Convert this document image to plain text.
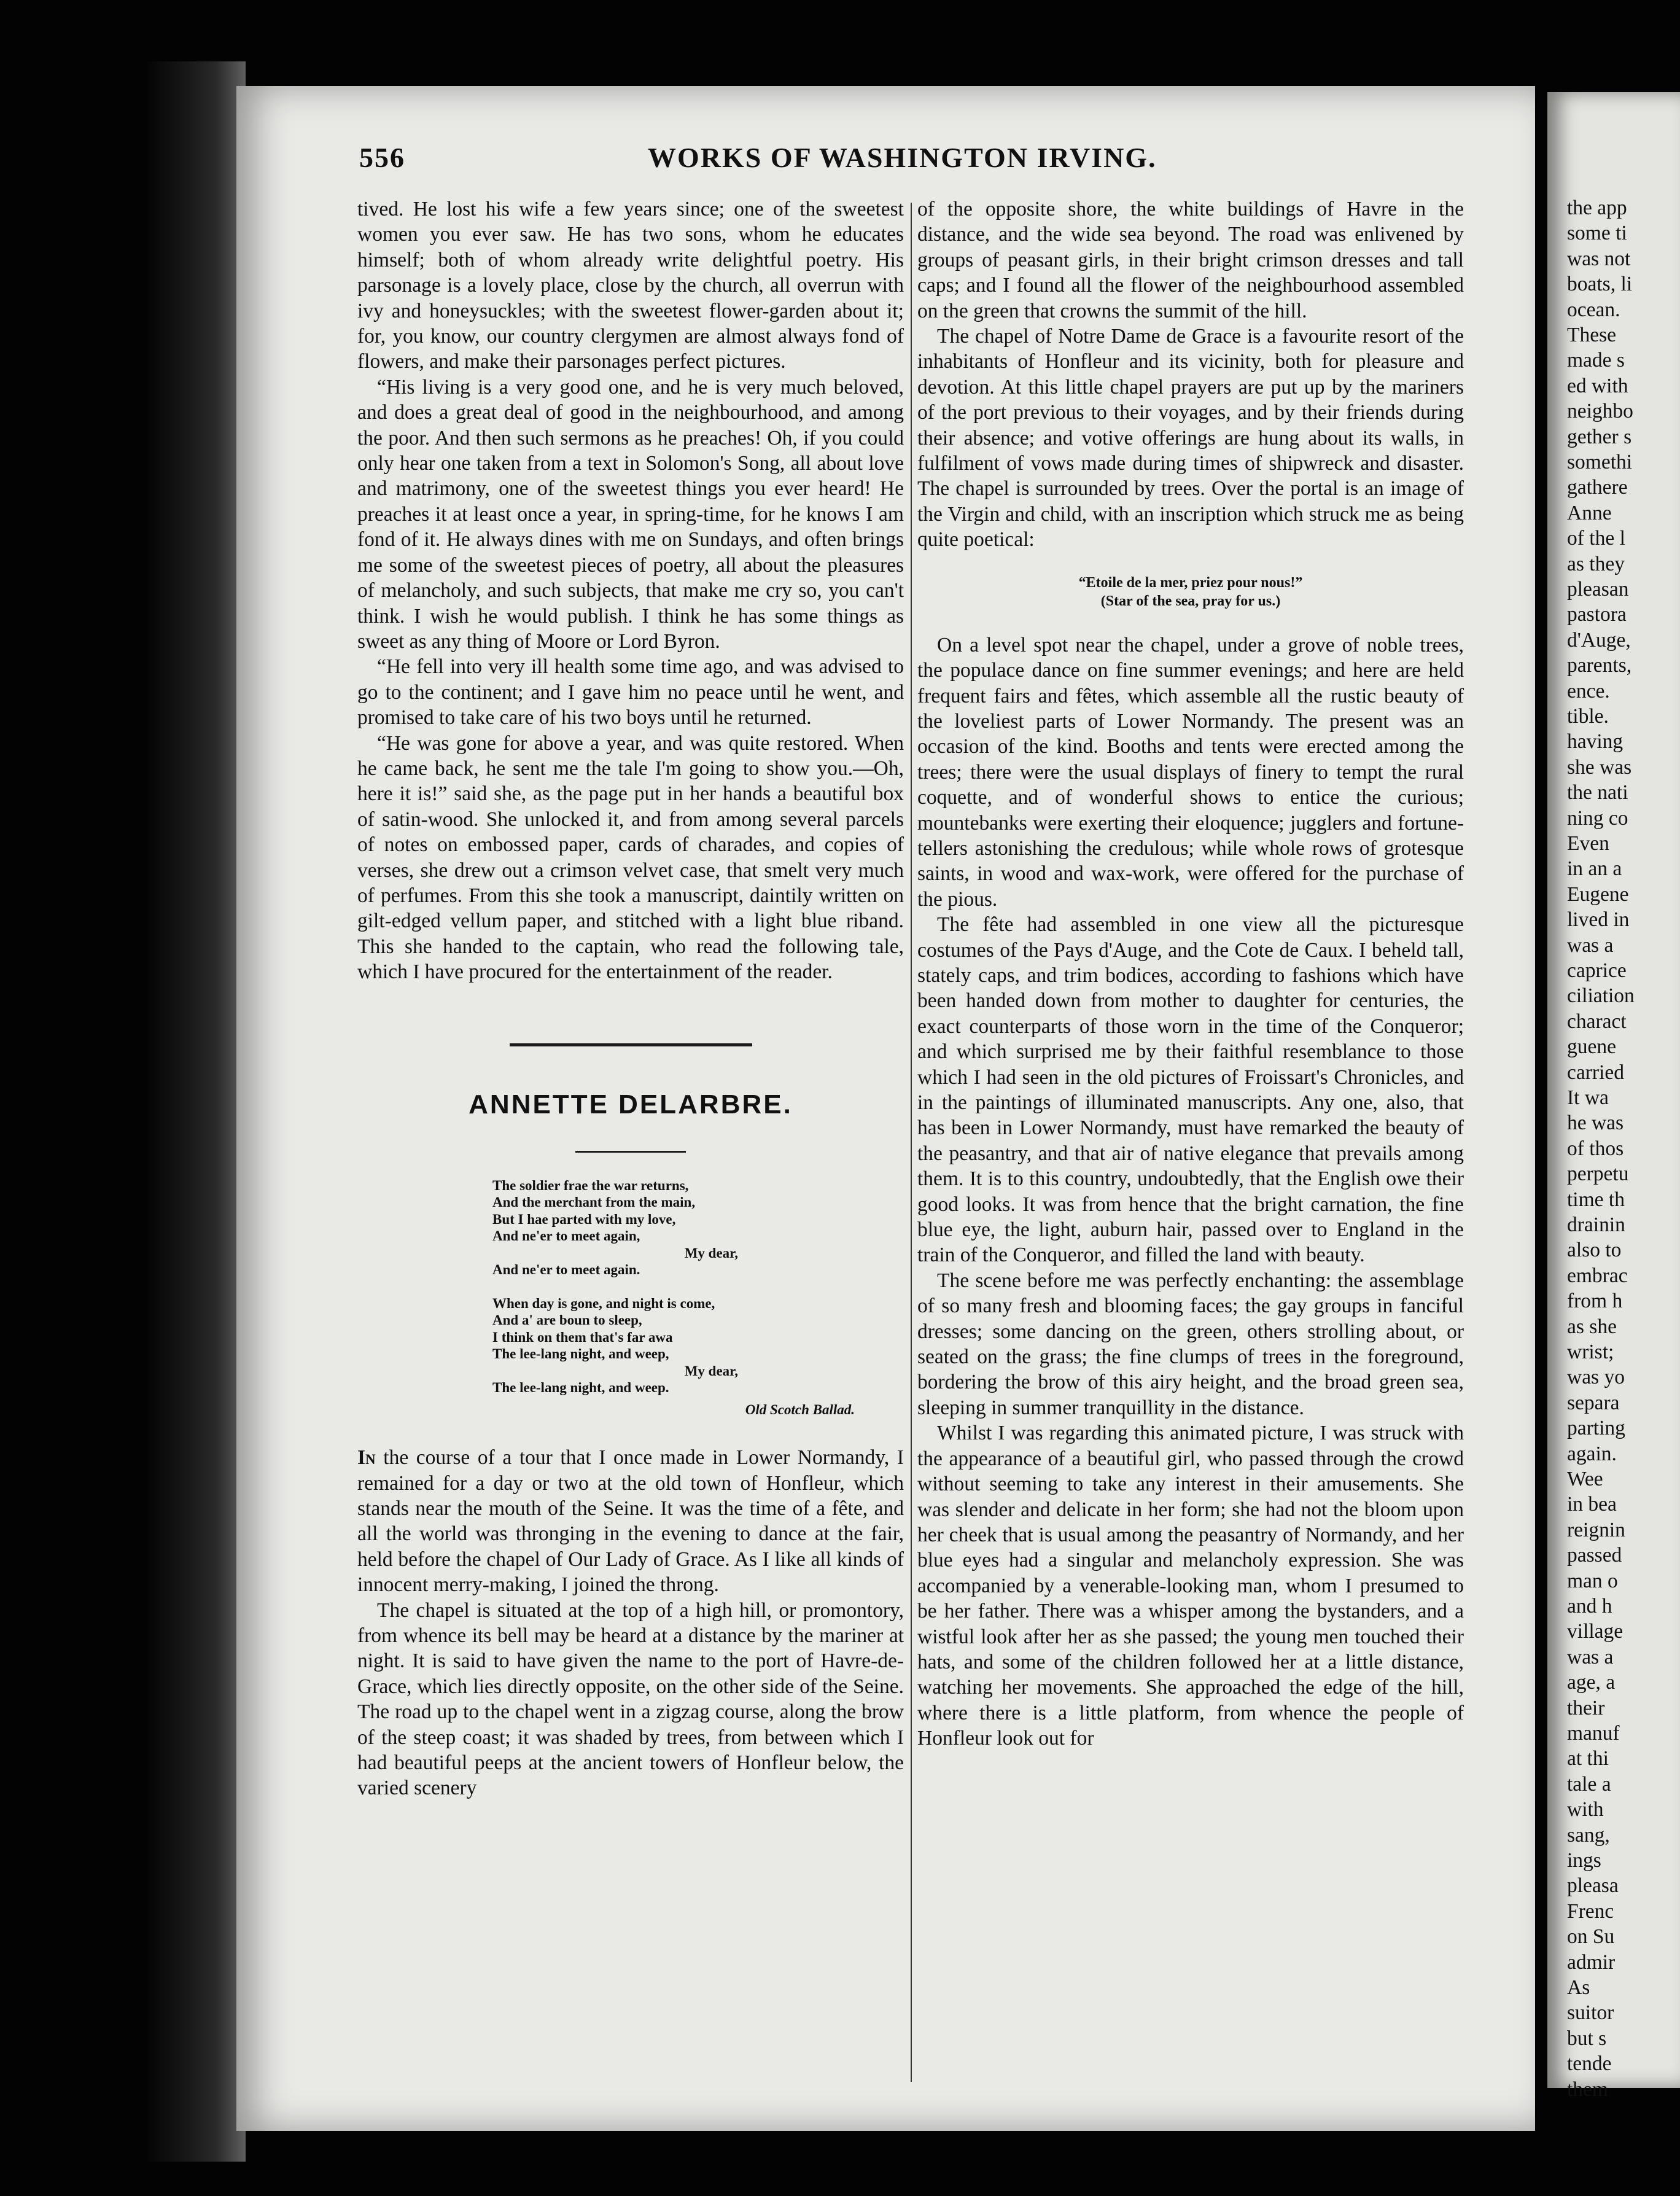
556	WORKS OF WASHINGTON IRVING.

tived. He lost his wife a few years since; one of the sweetest women you ever saw. He has two sons, whom he educates himself; both of whom already write delightful poetry. His parsonage is a lovely place, close by the church, all overrun with ivy and honeysuckles; with the sweetest flower-garden about it; for, you know, our country clergymen are almost always fond of flowers, and make their parsonages perfect pictures.

“His living is a very good one, and he is very much beloved, and does a great deal of good in the neighbourhood, and among the poor. And then such sermons as he preaches! Oh, if you could only hear one taken from a text in Solomon's Song, all about love and matrimony, one of the sweetest things you ever heard! He preaches it at least once a year, in spring-time, for he knows I am fond of it. He always dines with me on Sundays, and often brings me some of the sweetest pieces of poetry, all about the pleasures of melancholy, and such subjects, that make me cry so, you can't think. I wish he would publish. I think he has some things as sweet as any thing of Moore or Lord Byron.

“He fell into very ill health some time ago, and was advised to go to the continent; and I gave him no peace until he went, and promised to take care of his two boys until he returned.

“He was gone for above a year, and was quite restored. When he came back, he sent me the tale I'm going to show you.—Oh, here it is!” said she, as the page put in her hands a beautiful box of satin-wood. She unlocked it, and from among several parcels of notes on embossed paper, cards of charades, and copies of verses, she drew out a crimson velvet case, that smelt very much of perfumes. From this she took a manuscript, daintily written on gilt-edged vellum paper, and stitched with a light blue riband. This she handed to the captain, who read the following tale, which I have procured for the entertainment of the reader.

ANNETTE DELARBRE.
The soldier frae the war returns,
And the merchant from the main,
But I hae parted with my love,
And ne'er to meet again,
My dear,
And ne'er to meet again.
When day is gone, and night is come,
And a' are boun to sleep,
I think on them that's far awa
The lee-lang night, and weep,
My dear,
The lee-lang night, and weep.
Old Scotch Ballad.

In the course of a tour that I once made in Lower Normandy, I remained for a day or two at the old town of Honfleur, which stands near the mouth of the Seine. It was the time of a fête, and all the world was thronging in the evening to dance at the fair, held before the chapel of Our Lady of Grace. As I like all kinds of innocent merry-making, I joined the throng.

The chapel is situated at the top of a high hill, or promontory, from whence its bell may be heard at a distance by the mariner at night. It is said to have given the name to the port of Havre-de-Grace, which lies directly opposite, on the other side of the Seine. The road up to the chapel went in a zigzag course, along the brow of the steep coast; it was shaded by trees, from between which I had beautiful peeps at the ancient towers of Honfleur below, the varied scenery

of the opposite shore, the white buildings of Havre in the distance, and the wide sea beyond. The road was enlivened by groups of peasant girls, in their bright crimson dresses and tall caps; and I found all the flower of the neighbourhood assembled on the green that crowns the summit of the hill.

The chapel of Notre Dame de Grace is a favourite resort of the inhabitants of Honfleur and its vicinity, both for pleasure and devotion. At this little chapel prayers are put up by the mariners of the port previous to their voyages, and by their friends during their absence; and votive offerings are hung about its walls, in fulfilment of vows made during times of shipwreck and disaster. The chapel is surrounded by trees. Over the portal is an image of the Virgin and child, with an inscription which struck me as being quite poetical:

“Etoile de la mer, priez pour nous!”
(Star of the sea, pray for us.)

On a level spot near the chapel, under a grove of noble trees, the populace dance on fine summer evenings; and here are held frequent fairs and fêtes, which assemble all the rustic beauty of the loveliest parts of Lower Normandy. The present was an occasion of the kind. Booths and tents were erected among the trees; there were the usual displays of finery to tempt the rural coquette, and of wonderful shows to entice the curious; mountebanks were exerting their eloquence; jugglers and fortune-tellers astonishing the credulous; while whole rows of grotesque saints, in wood and wax-work, were offered for the purchase of the pious.

The fête had assembled in one view all the picturesque costumes of the Pays d'Auge, and the Cote de Caux. I beheld tall, stately caps, and trim bodices, according to fashions which have been handed down from mother to daughter for centuries, the exact counterparts of those worn in the time of the Conqueror; and which surprised me by their faithful resemblance to those which I had seen in the old pictures of Froissart's Chronicles, and in the paintings of illuminated manuscripts. Any one, also, that has been in Lower Normandy, must have remarked the beauty of the peasantry, and that air of native elegance that prevails among them. It is to this country, undoubtedly, that the English owe their good looks. It was from hence that the bright carnation, the fine blue eye, the light, auburn hair, passed over to England in the train of the Conqueror, and filled the land with beauty.

The scene before me was perfectly enchanting: the assemblage of so many fresh and blooming faces; the gay groups in fanciful dresses; some dancing on the green, others strolling about, or seated on the grass; the fine clumps of trees in the foreground, bordering the brow of this airy height, and the broad green sea, sleeping in summer tranquillity in the distance.

Whilst I was regarding this animated picture, I was struck with the appearance of a beautiful girl, who passed through the crowd without seeming to take any interest in their amusements. She was slender and delicate in her form; she had not the bloom upon her cheek that is usual among the peasantry of Normandy, and her blue eyes had a singular and melancholy expression. She was accompanied by a venerable-looking man, whom I presumed to be her father. There was a whisper among the bystanders, and a wistful look after her as she passed; the young men touched their hats, and some of the children followed her at a little distance, watching her movements. She approached the edge of the hill, where there is a little platform, from whence the people of Honfleur look out for

the app
some ti
was not
boats, li
ocean.
These
made s
ed with
neighbo
gether s
somethi
gathere
Anne
of the l
as they
pleasan
pastora
d'Auge,
parents,
ence.
tible.
having
she was
the nati
ning co
Even
in an a
Eugene
lived in
was a
caprice
ciliation
charact
guene
carried
It wa
he was
of thos
perpetu
time th
drainin
also to
embrac
from h
as she
wrist;
was yo
separa
parting
again.
Wee
in bea
reignin
passed
man o
and h
village
was a
age, a
their
manuf
at thi
tale a
with
sang,
ings
pleasa
Frenc
on Su
admir
As
suitor
but s
tende
them
